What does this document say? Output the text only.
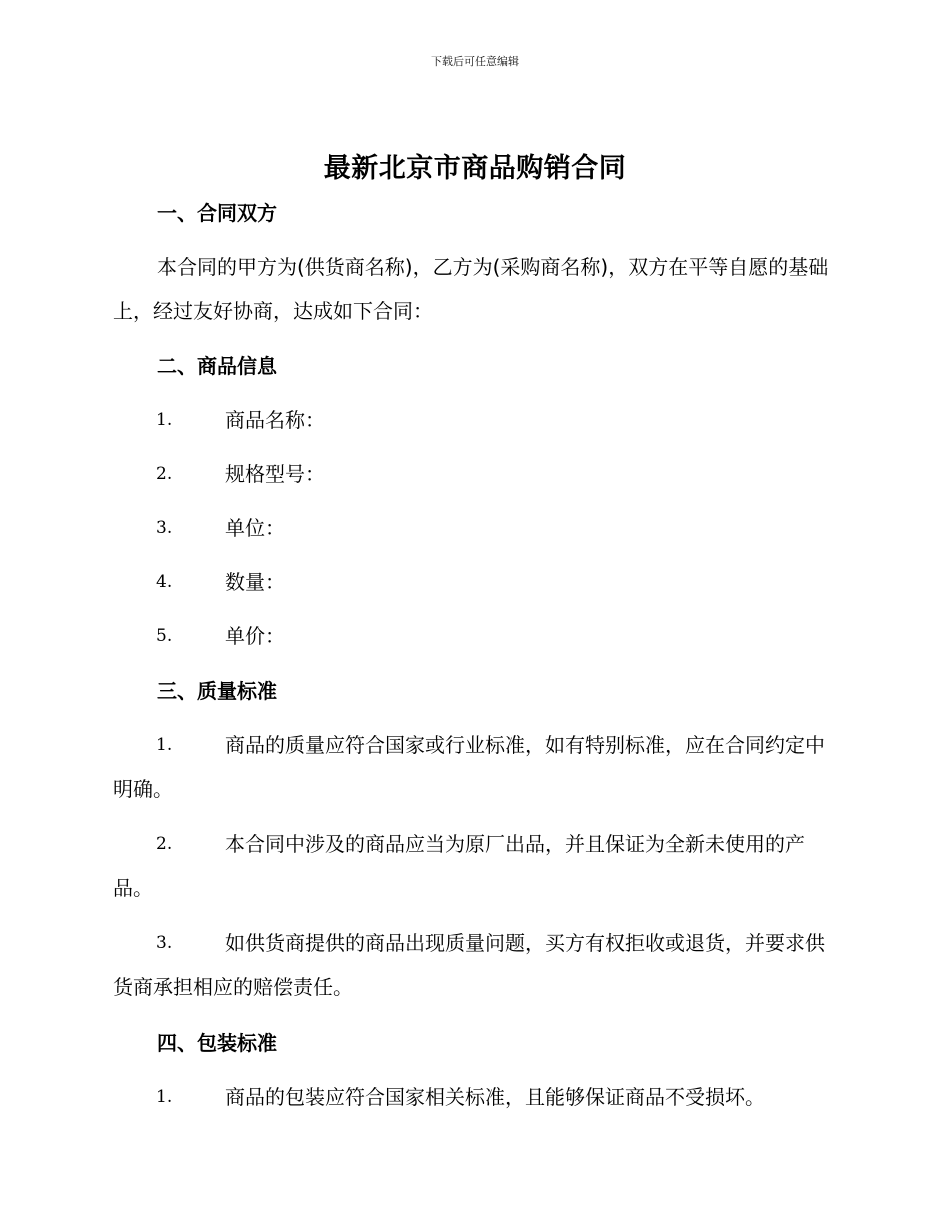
下载后可任意编辑
最新北京市商品购销合同
一、合同双方
本合同的甲方为(供货商名称)，乙方为(采购商名称)，双方在平等自愿的基础上，经过友好协商，达成如下合同：
二、商品信息
1.	商品名称：
2.	规格型号：
3.	单位：
4.	数量：
5.	单价：
三、质量标准
1.	商品的质量应符合国家或行业标准，如有特别标准，应在合同约定中明确。
2.	本合同中涉及的商品应当为原厂出品，并且保证为全新未使用的产品。
3.	如供货商提供的商品出现质量问题，买方有权拒收或退货，并要求供货商承担相应的赔偿责任。
四、包装标准
1.	商品的包装应符合国家相关标准，且能够保证商品不受损坏。
